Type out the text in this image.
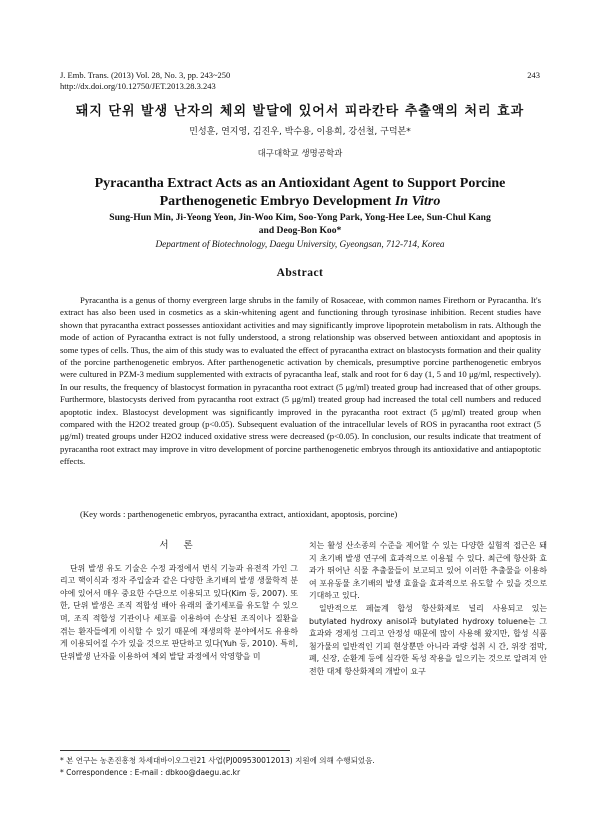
J. Emb. Trans. (2013) Vol. 28, No. 3, pp. 243~250
http://dx.doi.org/10.12750/JET.2013.28.3.243
243
돼지 단위 발생 난자의 체외 발달에 있어서 피라칸타 추출액의 처리 효과
민성훈, 연지영, 김진우, 박수용, 이용희, 강선철, 구덕본*
대구대학교 생명공학과
Pyracantha Extract Acts as an Antioxidant Agent to Support Porcine
Parthenogenetic Embryo Development In Vitro
Sung-Hun Min, Ji-Yeong Yeon, Jin-Woo Kim, Soo-Yong Park, Yong-Hee Lee, Sun-Chul Kang
and Deog-Bon Koo*
Department of Biotechnology, Daegu University, Gyeongsan, 712-714, Korea
Abstract

Pyracantha is a genus of thorny evergreen large shrubs in the family of Rosaceae, with common names Firethorn or Pyracantha. It's extract has also been used in cosmetics as a skin-whitening agent and functioning through tyrosinase inhibition. Recent studies have shown that pyracantha extract possesses antioxidant activities and may significantly improve lipoprotein metabolism in rats. Although the mode of action of Pyracantha extract is not fully understood, a strong relationship was observed between antioxidant and apoptosis in some types of cells. Thus, the aim of this study was to evaluated the effect of pyracantha extract on blastocysts formation and their quality of the porcine parthenogenetic embryos. After parthenogenetic activation by chemicals, presumptive porcine parthenogenetic embryos were cultured in PZM-3 medium supplemented with extracts of pyracantha leaf, stalk and root for 6 day (1, 5 and 10 μg/ml, respectively). In our results, the frequency of blastocyst formation in pyracantha root extract (5 μg/ml) treated group had increased that of other groups. Furthermore, blastocysts derived from pyracantha root extract (5 μg/ml) treated group had increased the total cell numbers and reduced apoptotic index. Blastocyst development was significantly improved in the pyracantha root extract (5 μg/ml) treated group when compared with the H2O2 treated group (p<0.05). Subsequent evaluation of the intracellular levels of ROS in pyracantha root extract (5 μg/ml) treated groups under H2O2 induced oxidative stress were decreased (p<0.05). In conclusion, our results indicate that treatment of pyracantha root extract may improve in vitro development of porcine parthenogenetic embryos through its antioxidative and antiapoptotic effects.

(Key words : parthenogenetic embryos, pyracantha extract, antioxidant, apoptosis, porcine)
서 론

단위 발생 유도 기술은 수정 과정에서 번식 기능과 유전적 가인 그리고 핵이식과 정자 주입술과 같은 다양한 초기배의 발생 생물학적 분야에 있어서 매우 중요한 수단으로 이용되고 있다(Kim 등, 2007). 또한, 단위 발생은 조직 적합성 배아 유래의 줄기세포를 유도할 수 있으며, 조직 적합성 기관이나 세포를 이용하여 손상된 조직이나 질환을 겪는 환자들에게 이식할 수 있기 때문에 재생의학 분야에서도 유용하게 이용되어질 수가 있을 것으로 판단하고 있다(Yuh 등, 2010). 특히, 단위발생 난자를 이용하여 체외 발달 과정에서 악영향을 미

치는 활성 산소종의 수준을 제어할 수 있는 다양한 실험적 접근은 돼지 초기배 발생 연구에 효과적으로 이용될 수 있다. 최근에 항산화 효과가 뛰어난 식물 추출물들이 보고되고 있어 이러한 추출물을 이용하여 포유동물 초기배의 발생 효율을 효과적으로 유도할 수 있을 것으로 기대하고 있다.

일반적으로 페놀계 합성 항산화제로 널리 사용되고 있는 butylated hydroxy anisol과 butylated hydroxy toluene는 그 효과와 경제성 그리고 안정성 때문에 많이 사용해 왔지만, 합성 식품 첨가물의 일반적인 기피 현상뿐만 아니라 과량 섭취 시 간, 위장 점막, 폐, 신장, 순환계 등에 심각한 독성 작용을 일으키는 것으로 알려져 안전한 대체 항산화제의 개발이 요구

* 본 연구는 농촌진흥청 차세대바이오그린21 사업(PJ009530012013) 지원에 의해 수행되었음.
* Correspondence : E-mail : dbkoo@daegu.ac.kr
